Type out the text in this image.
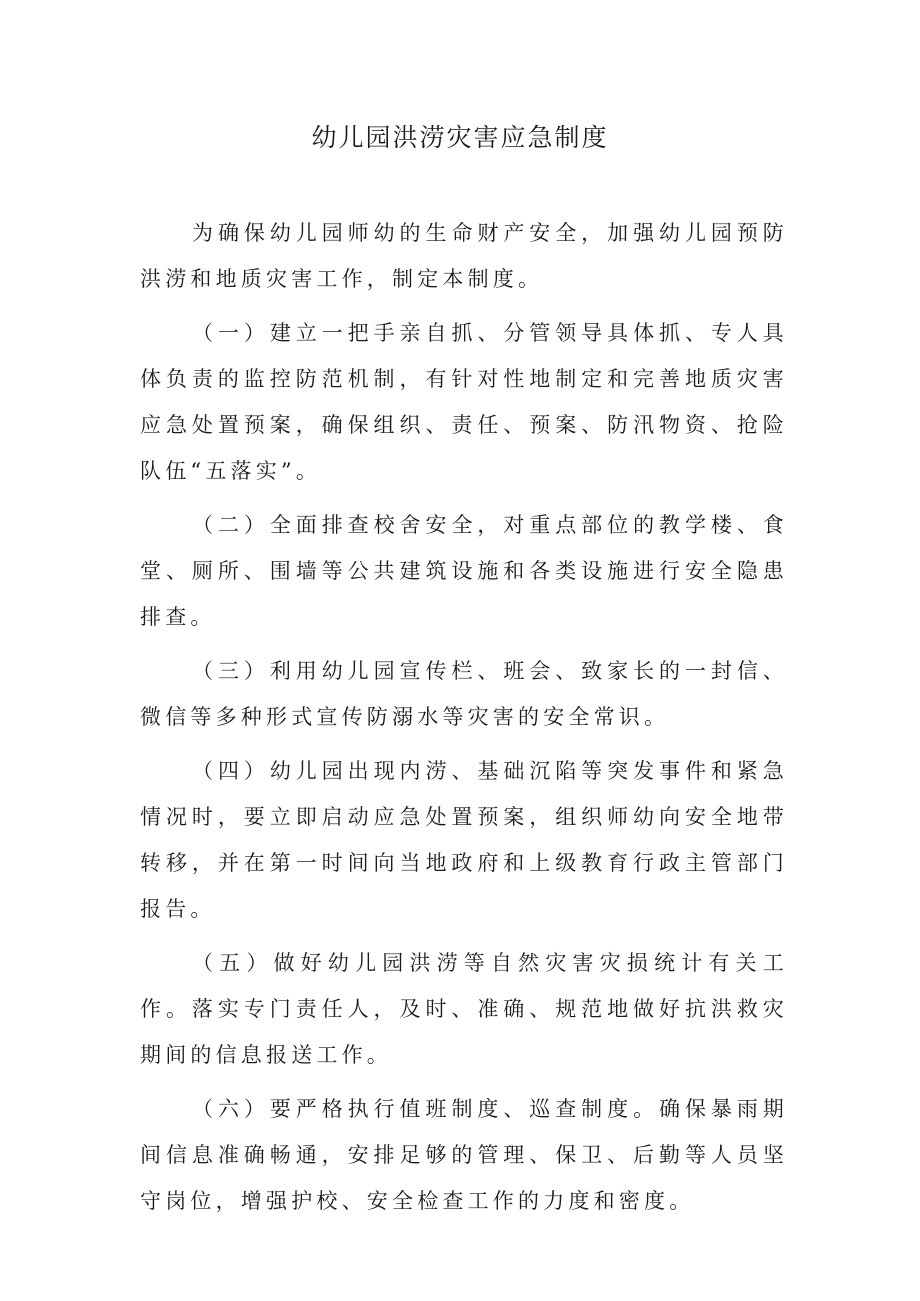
幼儿园洪涝灾害应急制度

为确保幼儿园师幼的生命财产安全，加强幼儿园预防洪涝和地质灾害工作，制定本制度。

（一）建立一把手亲自抓、分管领导具体抓、专人具体负责的监控防范机制，有针对性地制定和完善地质灾害应急处置预案，确保组织、责任、预案、防汛物资、抢险队伍“五落实”。

（二）全面排查校舍安全，对重点部位的教学楼、食堂、厕所、围墙等公共建筑设施和各类设施进行安全隐患排查。

（三）利用幼儿园宣传栏、班会、致家长的一封信、微信等多种形式宣传防溺水等灾害的安全常识。

（四）幼儿园出现内涝、基础沉陷等突发事件和紧急情况时，要立即启动应急处置预案，组织师幼向安全地带转移，并在第一时间向当地政府和上级教育行政主管部门报告。

（五）做好幼儿园洪涝等自然灾害灾损统计有关工作。落实专门责任人，及时、准确、规范地做好抗洪救灾期间的信息报送工作。

（六）要严格执行值班制度、巡查制度。确保暴雨期间信息准确畅通，安排足够的管理、保卫、后勤等人员坚守岗位，增强护校、安全检查工作的力度和密度。
